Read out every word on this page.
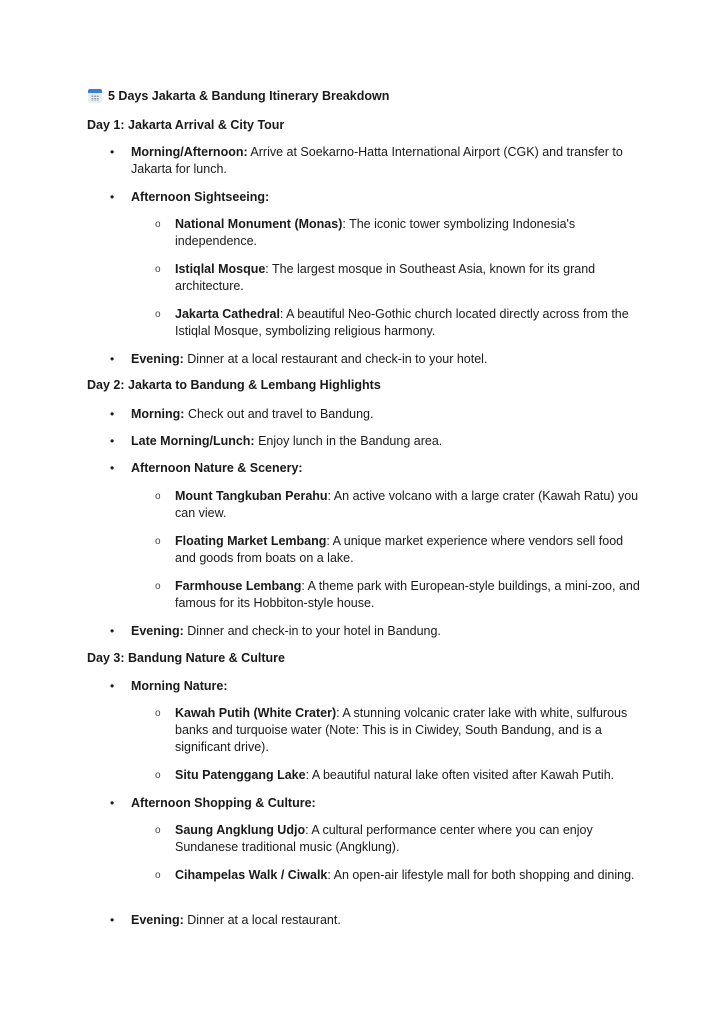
5 Days Jakarta & Bandung Itinerary Breakdown
Day 1: Jakarta Arrival & City Tour
• Morning/Afternoon: Arrive at Soekarno-Hatta International Airport (CGK) and transfer to Jakarta for lunch.
• Afternoon Sightseeing:
o National Monument (Monas): The iconic tower symbolizing Indonesia's independence.
o Istiqlal Mosque: The largest mosque in Southeast Asia, known for its grand architecture.
o Jakarta Cathedral: A beautiful Neo-Gothic church located directly across from the Istiqlal Mosque, symbolizing religious harmony.
• Evening: Dinner at a local restaurant and check-in to your hotel.
Day 2: Jakarta to Bandung & Lembang Highlights
• Morning: Check out and travel to Bandung.
• Late Morning/Lunch: Enjoy lunch in the Bandung area.
• Afternoon Nature & Scenery:
o Mount Tangkuban Perahu: An active volcano with a large crater (Kawah Ratu) you can view.
o Floating Market Lembang: A unique market experience where vendors sell food and goods from boats on a lake.
o Farmhouse Lembang: A theme park with European-style buildings, a mini-zoo, and famous for its Hobbiton-style house.
• Evening: Dinner and check-in to your hotel in Bandung.
Day 3: Bandung Nature & Culture
• Morning Nature:
o Kawah Putih (White Crater): A stunning volcanic crater lake with white, sulfurous banks and turquoise water (Note: This is in Ciwidey, South Bandung, and is a significant drive).
o Situ Patenggang Lake: A beautiful natural lake often visited after Kawah Putih.
• Afternoon Shopping & Culture:
o Saung Angklung Udjo: A cultural performance center where you can enjoy Sundanese traditional music (Angklung).
o Cihampelas Walk / Ciwalk: An open-air lifestyle mall for both shopping and dining.
• Evening: Dinner at a local restaurant.
